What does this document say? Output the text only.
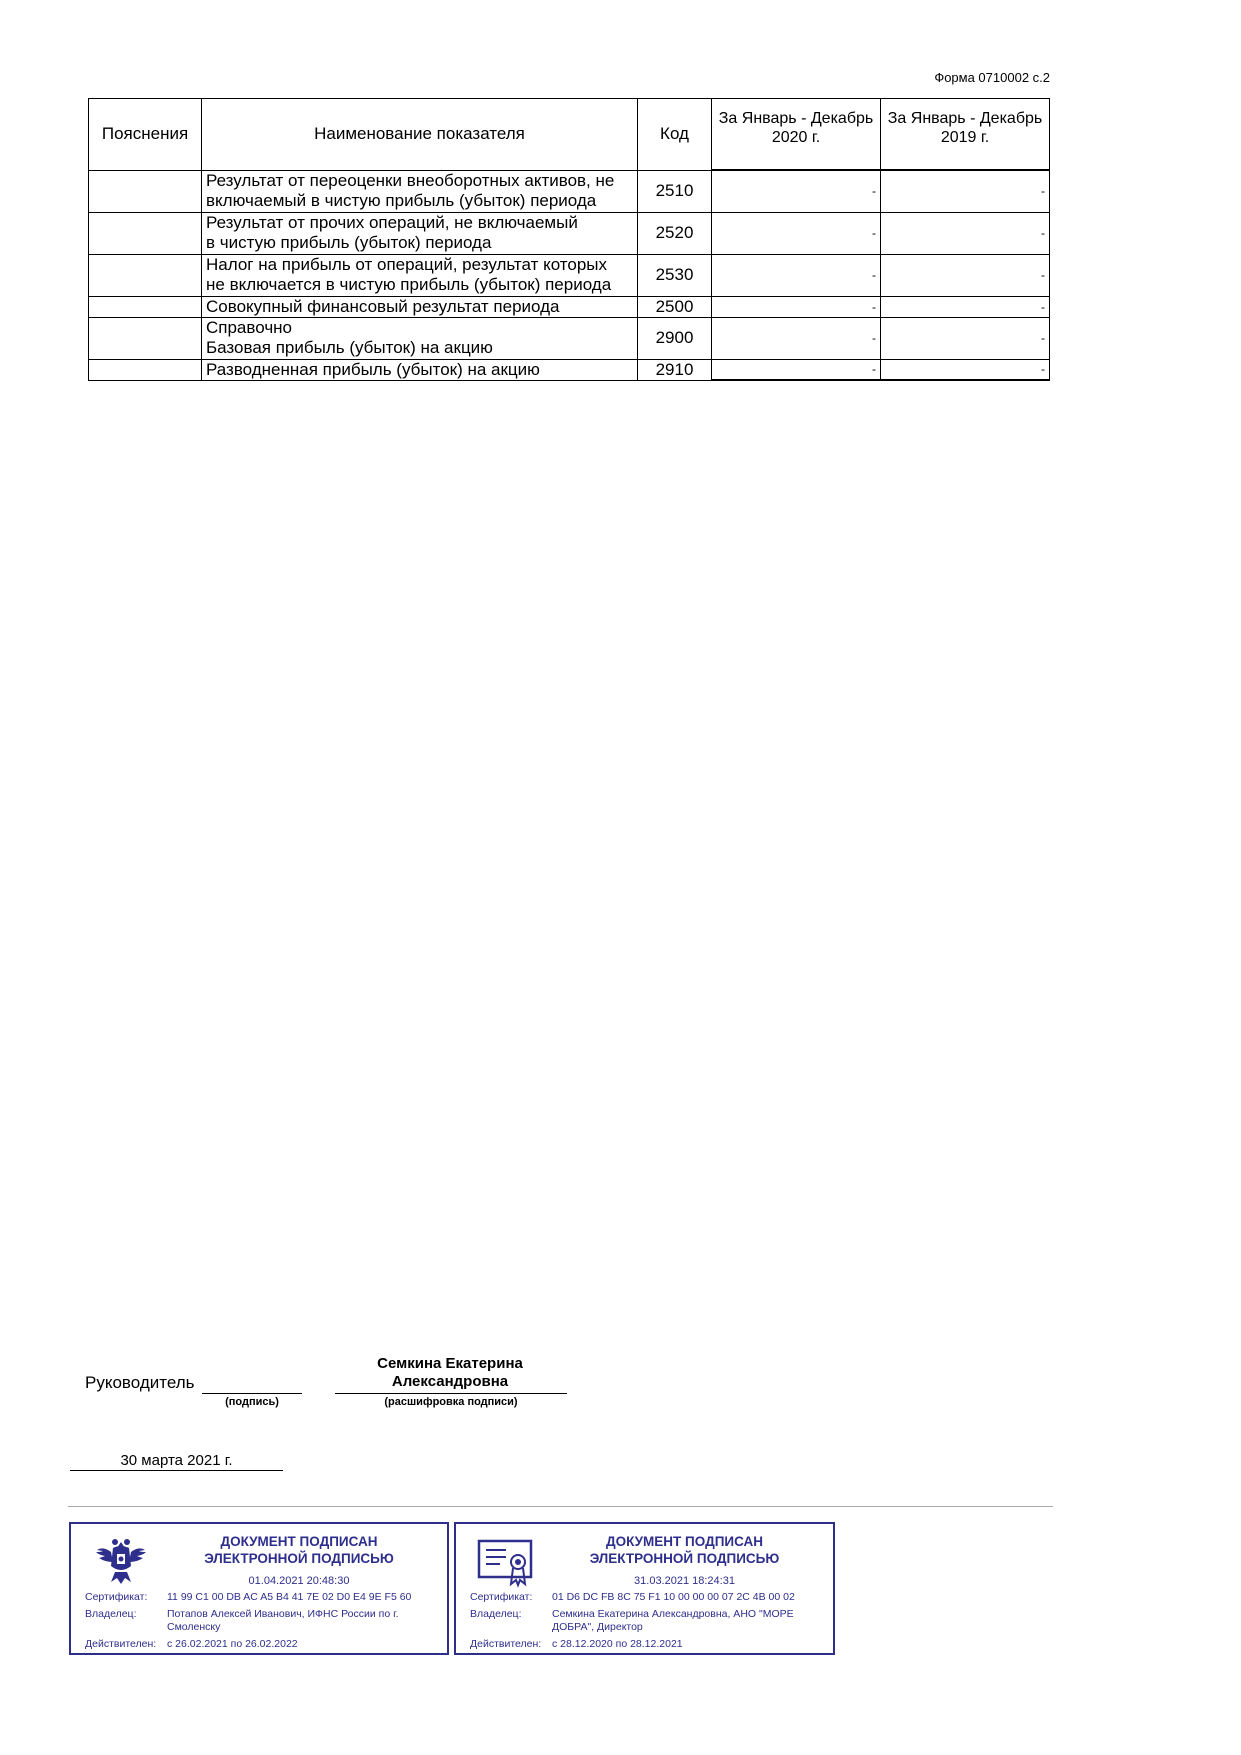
Форма 0710002 с.2
Пояснения	Наименование показателя	Код	За Январь - Декабрь 2020 г.	За Январь - Декабрь 2019 г.
	Результат от переоценки внеоборотных активов, не
включаемый в чистую прибыль (убыток) периода	2510	-	-
	Результат от прочих операций, не включаемый
в чистую прибыль (убыток) периода	2520	-	-
	Налог на прибыль от операций, результат которых
не включается в чистую прибыль (убыток) периода	2530	-	-
	Совокупный финансовый результат периода	2500	-	-
	Справочно
Базовая прибыль (убыток) на акцию	2900	-	-
	Разводненная прибыль (убыток) на акцию	2910	-	-
Руководитель
(подпись)
Семкина Екатерина
Александровна
(расшифровка подписи)
30 марта 2021 г.
ДОКУМЕНТ ПОДПИСАН
ЭЛЕКТРОННОЙ ПОДПИСЬЮ
01.04.2021 20:48:30
Сертификат:	11 99 C1 00 DB AC A5 B4 41 7E 02 D0 E4 9E F5 60
Владелец:	Потапов Алексей Иванович, ИФНС России по г. Смоленску
Действителен:	с 26.02.2021 по 26.02.2022
ДОКУМЕНТ ПОДПИСАН
ЭЛЕКТРОННОЙ ПОДПИСЬЮ
31.03.2021 18:24:31
Сертификат:	01 D6 DC FB 8C 75 F1 10 00 00 00 07 2C 4B 00 02
Владелец:	Семкина Екатерина Александровна, АНО "МОРЕ ДОБРА", Директор
Действителен:	с 28.12.2020 по 28.12.2021
